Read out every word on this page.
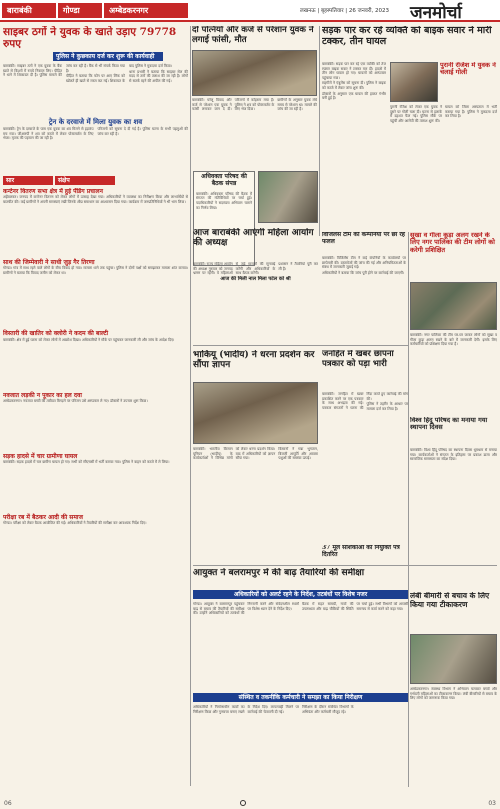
बाराबंकी	गोण्डा	अम्बेडकरनगर	लखनऊ | बृहस्पतिवार | 26 जनवरी, 2023 जनमोर्चा
साइबर ठगों ने युवक के खाते उड़ाए 79778 रुपए
पुलिस ने कुछकाय दर्ज कर शुरू की कार्यवाही
बाराबंकी। साइबर ठगों ने एक युवक के बैंक खाते से किश्तों में रुपये निकाल लिए। पीड़ित ने थाने में शिकायत दी है। पुलिस मामले की जांच कर रही है। बैंक से भी संपर्क किया गया है।
पीड़ित ने बताया कि फोन पर आए लिंक को खोलते ही खाते से रकम कट गई। शिकायत के बाद पुलिस ने मुकदमा दर्ज किया।
थाना प्रभारी ने बताया कि साइबर सेल की मदद से ठगों की तलाश की जा रही है। लोगों से सतर्क रहने की अपील की गई।
ट्रेन के दरवाजे में मिला युवक का शव
बाराबंकी। ट्रेन के दरवाजे के पास एक युवक का शव मिलने से हड़कंप मच गया। जीआरपी ने शव को कब्जे में लेकर पोस्टमार्टम के लिए भेजा। मृतक की पहचान की जा रही है।
परिजनों को सूचना दे दी गई है। पुलिस घटना के सभी पहलुओं की जांच कर रही है।
दो पत्नियों और कर्ज से परेशान युवक ने लगाई फांसी, मौत
बाराबंकी। घरेलू विवाद और कर्ज से परेशान एक युवक ने फांसी लगाकर जान दे दी। परिजनों में कोहराम मचा है। पुलिस ने शव को पोस्टमार्टम के लिए भेज दिया।
ग्रामीणों के अनुसार युवक लंबे समय से परेशान था। मामले की जांच की जा रही है।
सड़क पार कर रहे व्यक्ति को बाइक सवार ने मारी टक्कर, तीन घायल
बाराबंकी। सड़क पार कर रहे एक व्यक्ति को तेज रफ्तार बाइक सवार ने टक्कर मार दी। हादसे में तीन लोग घायल हो गए। घायलों को अस्पताल पहुंचाया गया।
राहगीरों ने एंबुलेंस को सूचना दी। पुलिस ने बाइक को कब्जे में लेकर जांच शुरू की।
डॉक्टरों के अनुसार एक घायल की हालत गंभीर बनी हुई है।
पुरानी रंजिश में युवक ने चलाई गोली
पुरानी रंजिश को लेकर एक युवक ने दूसरे पर गोली चला दी। घटना से इलाके में दहशत फैल गई। पुलिस मौके पर पहुंची और आरोपी की तलाश शुरू की।
घायल को जिला अस्पताल में भर्ती कराया गया है। पुलिस ने मुकदमा दर्ज कर लिया है।
सार	संक्षेप
कन्‍टेनर वितरण सभा क्षेत्र में हुई पेंडिंग प्रचालन
अहेंबलकर। जनपद में कन्टेनर वितरण को लेकर लोगों में उत्साह देखा गया। अधिकारियों ने व्यवस्था का निरीक्षण किया और लाभार्थियों से बातचीत की। कई ग्रामीणों ने अपनी समस्याएं रखीं जिनके शीघ्र समाधान का आश्वासन दिया गया। कार्यक्रम में जनप्रतिनिधियों ने भी भाग लिया।
साथ की जिम्मेवारी ने साधी जुड़ गैर तिरणा
गोण्डा। गांव में साथ रहने वाले लोगों के बीच विवाद हो गया। मामला थाने तक पहुंचा। पुलिस ने दोनों पक्षों को समझाकर मामला शांत कराया। ग्रामीणों ने बताया कि विवाद जमीन को लेकर था।
विस्तारी की खातिर को क्लोरी ने कदम की बाल्टी
बाराबंकी। क्षेत्र में हुई घटना को लेकर लोगों में आक्रोश दिखा। अधिकारियों ने मौके पर पहुंचकर जानकारी ली और जांच के आदेश दिए।
नवजात लड़की न पूकार का हल दवा
अम्बेडकरनगर। नवजात बच्ची की तबीयत बिगड़ने पर परिजन उसे अस्पताल ले गए। डॉक्टरों ने उपचार शुरू किया।
सड़क हादसे में चार ग्रामीणा घायल
बाराबंकी। सड़क हादसे में चार ग्रामीण घायल हो गए। सभी को सीएचसी में भर्ती कराया गया। पुलिस ने वाहन को कब्जे में ले लिया।
परीक्षा रब में बैठकर आदी की समाज
गोण्डा। परीक्षा को लेकर बैठक आयोजित की गई। अधिकारियों ने तैयारियों की समीक्षा कर आवश्यक निर्देश दिए।
अधिवक्ता परिषद की बैठक संपन्न
बाराबंकी। अधिवक्ता परिषद की बैठक में संगठन की गतिविधियों पर चर्चा हुई। पदाधिकारियों ने सदस्यता अभियान चलाने का निर्णय लिया।
आज बाराबंकी आएंगी महिला आयोग की अध्यक्ष
बाराबंकी। राज्य महिला आयोग की अध्यक्ष गुरुवार को जनपद भ्रमण पर रहेंगी। वे महिलाओं से जुड़े मामलों की सुनवाई करेंगी और अधिकारियों के साथ बैठक करेंगी।
प्रशासन ने तैयारियां पूरी कर ली हैं।
आज की मिली नाल मिला पटेल को श्री
विजिलेंस टीम की कम्पनियों पर छा रहे फलल
बाराबंकी। विजिलेंस टीम ने कई कंपनियों के कार्यालयों पर छापेमारी की। दस्तावेजों की जांच की गई और अनियमितताओं के संबंध में जानकारी जुटाई गई।
अधिकारियों ने बताया कि जांच पूरी होने पर कार्रवाई की जाएगी।
सूखा व गीला कूड़ा अलग रखने के लिए नगर पालिका की टीम लोगों को करेगी प्रशिक्षित
बाराबंकी। नगर पालिका की टीम घर-घर जाकर लोगों को सूखा व गीला कूड़ा अलग रखने के बारे में जानकारी देगी। इसके लिए कर्मचारियों को प्रशिक्षण दिया गया है।
भाकियू (भादीय) ने धरना प्रदर्शन कर सौंपा ज्ञापन
बाराबंकी। भारतीय किसान यूनियन (भादीय) के कार्यकर्ताओं ने विभिन्न मांगों को लेकर धरना प्रदर्शन किया। बाद में अधिकारियों को ज्ञापन सौंपा गया।
किसानों ने गन्ना भुगतान, बिजली आपूर्ति और आवारा पशुओं की समस्या उठाई।
जनहित में खबर छापना पत्रकार को पड़ा भारी
बाराबंकी। जनहित में खबर प्रकाशित करने पर एक पत्रकार के साथ अभद्रता की गई। पत्रकार संगठनों ने घटना की निंदा करते हुए कार्रवाई की मांग की।
पुलिस ने तहरीर के आधार पर मामला दर्ज कर लिया है।
37 मूल संशिकाओं को नियुक्ति पत्र दितरित
विश्व हिंदू परिषद का मनाया गया स्थापना दिवस
बाराबंकी। विश्व हिंदू परिषद का स्थापना दिवस धूमधाम से मनाया गया। कार्यकर्ताओं ने संगठन के इतिहास पर प्रकाश डाला और सामाजिक समरसता का संदेश दिया।
आयुक्त ने बलरामपुर में की बाढ़ तैयारियों की समीक्षा
अधिकारियों को अलर्ट रहने के निर्देश, तटबंधों पर विशेष नजर
गोण्डा। आयुक्त ने बलरामपुर पहुंचकर बाढ़ से बचाव की तैयारियों की समीक्षा की। उन्होंने अधिकारियों को तटबंधों की निगरानी करने और संवेदनशील स्थलों पर विशेष ध्यान देने के निर्देश दिए।
बैठक में राहत सामग्री, नावों की उपलब्धता और बाढ़ चौकियों की स्थिति पर चर्चा हुई। सभी विभागों को आपसी समन्वय से कार्य करने को कहा गया।
संस्थित व तकनीकि कर्मचारी ने समझा का किया निरीक्षण
अधिकारियों ने निर्माणाधीन कार्यों का निरीक्षण किया और गुणवत्ता बनाए रखने के निर्देश दिए। लापरवाही मिलने पर कार्रवाई की चेतावनी दी गई।
निरीक्षण के दौरान संबंधित विभागों के अभियंता और कर्मचारी मौजूद रहे।
लंबी बीमारी से बचाव के लिए किया गया टीकाकरण
अम्बेडकरनगर। स्वास्थ्य विभाग ने अभियान चलाकर बच्चों और गर्भवती महिलाओं का टीकाकरण किया। लंबी बीमारियों से बचाव के लिए लोगों को जागरूक किया गया।
06	03
